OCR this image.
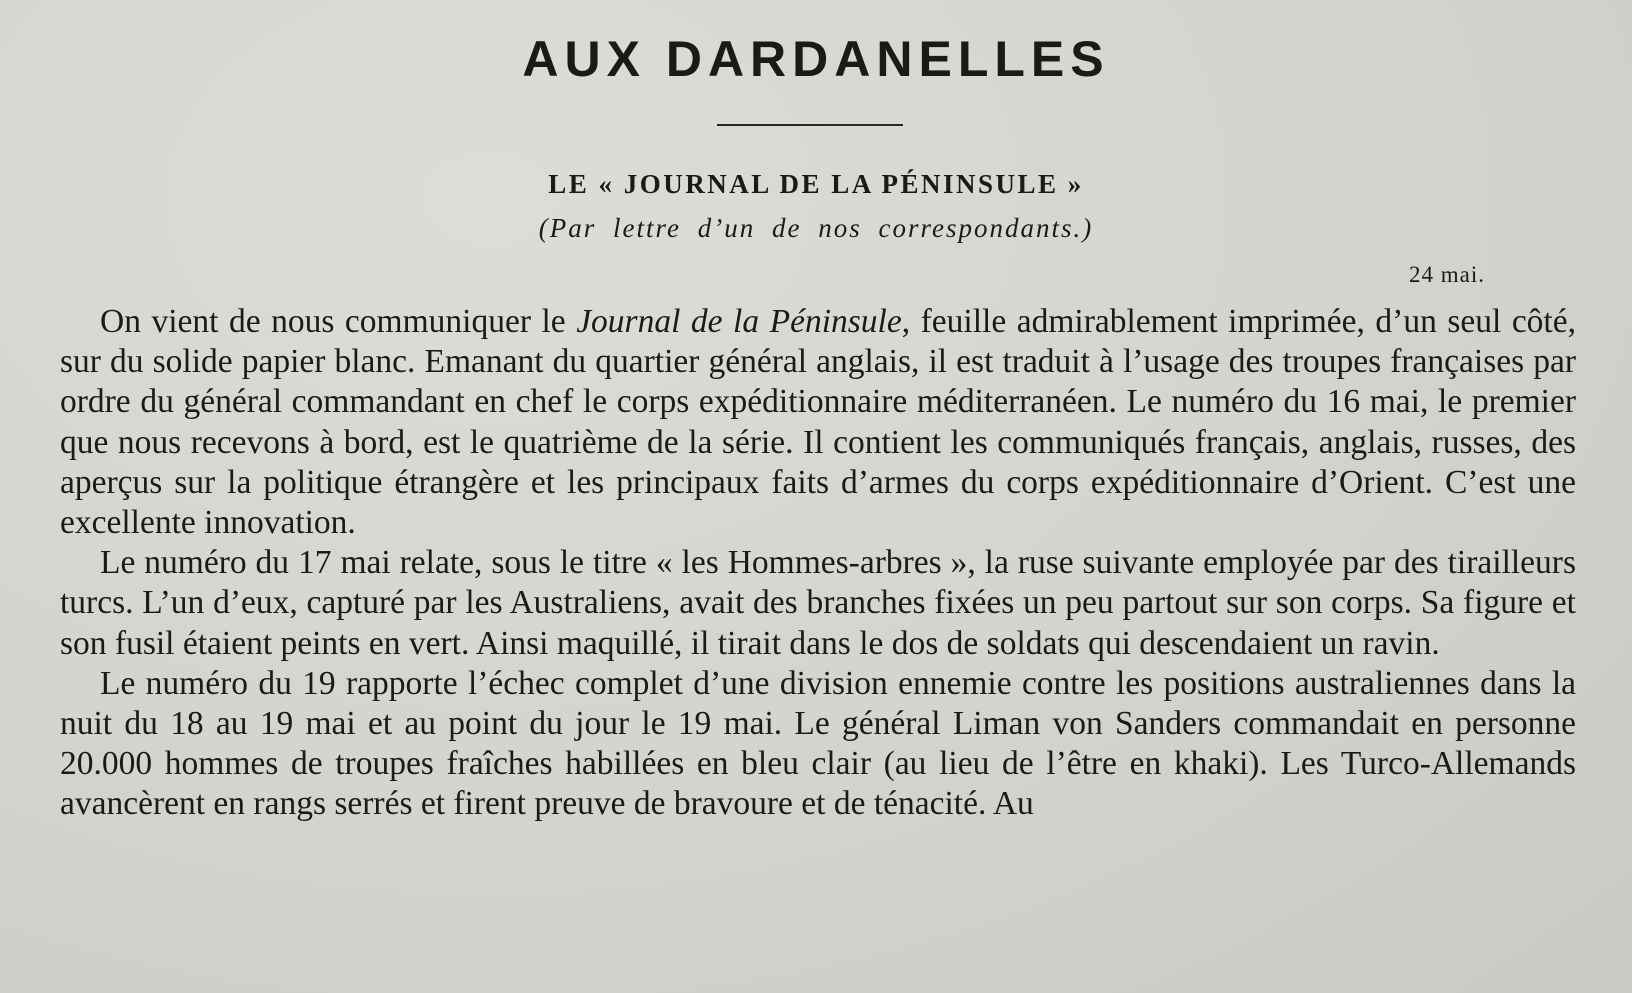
AUX DARDANELLES
LE « JOURNAL DE LA PÉNINSULE »
(Par lettre d’un de nos correspondants.)
24 mai.

On vient de nous communiquer le Journal de la Péninsule, feuille admirablement imprimée, d’un seul côté, sur du solide papier blanc. Emanant du quartier général anglais, il est traduit à l’usage des troupes françaises par ordre du général commandant en chef le corps expéditionnaire méditerranéen. Le numéro du 16 mai, le premier que nous recevons à bord, est le quatrième de la série. Il contient les communiqués français, anglais, russes, des aperçus sur la politique étrangère et les principaux faits d’armes du corps expéditionnaire d’Orient. C’est une excellente innovation.

Le numéro du 17 mai relate, sous le titre « les Hommes-arbres », la ruse suivante employée par des tirailleurs turcs. L’un d’eux, capturé par les Australiens, avait des branches fixées un peu partout sur son corps. Sa figure et son fusil étaient peints en vert. Ainsi maquillé, il tirait dans le dos de soldats qui descendaient un ravin.

Le numéro du 19 rapporte l’échec complet d’une division ennemie contre les positions australiennes dans la nuit du 18 au 19 mai et au point du jour le 19 mai. Le général Liman von Sanders commandait en personne 20.000 hommes de troupes fraîches habillées en bleu clair (au lieu de l’être en khaki). Les Turco-Allemands avancèrent en rangs serrés et firent preuve de bravoure et de ténacité. Au
